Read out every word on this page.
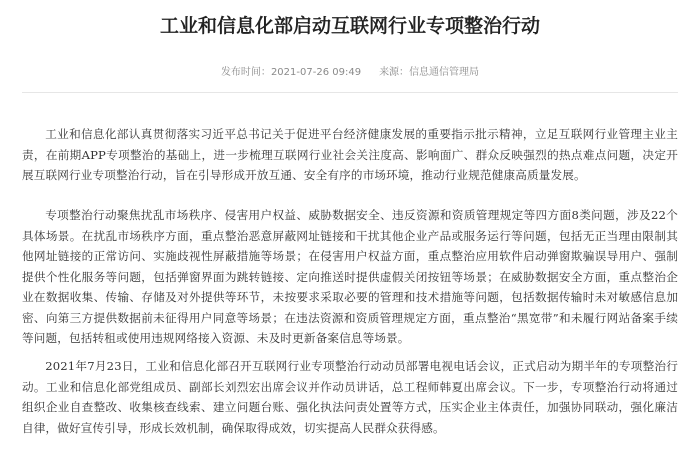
工业和信息化部启动互联网行业专项整治行动
发布时间：2021-07-26 09:49 来源：信息通信管理局

工业和信息化部认真贯彻落实习近平总书记关于促进平台经济健康发展的重要指示批示精神，立足互联网行业管理主业主责，在前期APP专项整治的基础上，进一步梳理互联网行业社会关注度高、影响面广、群众反映强烈的热点难点问题，决定开展互联网行业专项整治行动，旨在引导形成开放互通、安全有序的市场环境，推动行业规范健康高质量发展。

专项整治行动聚焦扰乱市场秩序、侵害用户权益、威胁数据安全、违反资源和资质管理规定等四方面8类问题，涉及22个具体场景。在扰乱市场秩序方面，重点整治恶意屏蔽网址链接和干扰其他企业产品或服务运行等问题，包括无正当理由限制其他网址链接的正常访问、实施歧视性屏蔽措施等场景；在侵害用户权益方面，重点整治应用软件启动弹窗欺骗误导用户、强制提供个性化服务等问题，包括弹窗界面为跳转链接、定向推送时提供虚假关闭按钮等场景；在威胁数据安全方面，重点整治企业在数据收集、传输、存储及对外提供等环节，未按要求采取必要的管理和技术措施等问题，包括数据传输时未对敏感信息加密、向第三方提供数据前未征得用户同意等场景；在违法资源和资质管理规定方面，重点整治“黑宽带”和未履行网站备案手续等问题，包括转租或使用违规网络接入资源、未及时更新备案信息等场景。

2021年7月23日，工业和信息化部召开互联网行业专项整治行动动员部署电视电话会议，正式启动为期半年的专项整治行动。工业和信息化部党组成员、副部长刘烈宏出席会议并作动员讲话，总工程师韩夏出席会议。下一步，专项整治行动将通过组织企业自查整改、收集核查线索、建立问题台账、强化执法问责处置等方式，压实企业主体责任，加强协同联动，强化廉洁自律，做好宣传引导，形成长效机制，确保取得成效，切实提高人民群众获得感。
